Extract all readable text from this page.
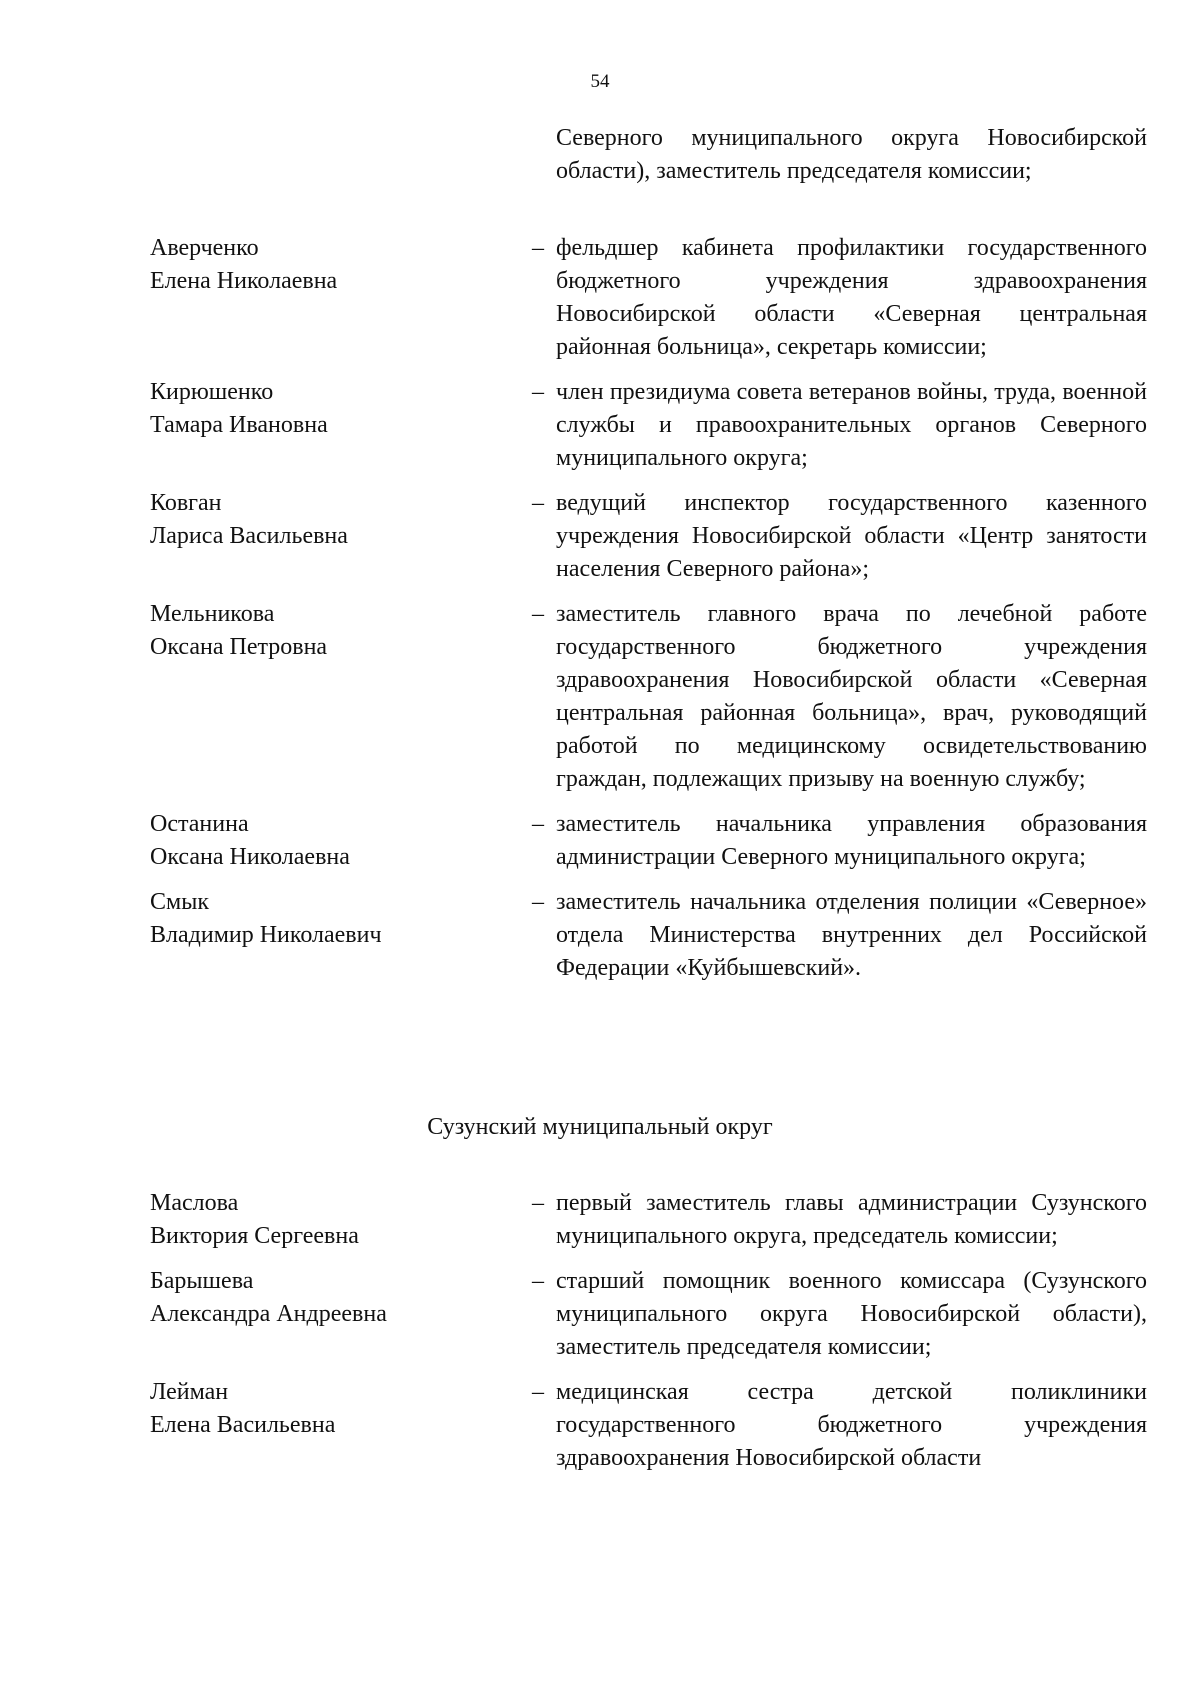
54
Северного муниципального округа Новосибирской области), заместитель председателя комиссии;
Аверченко
Елена Николаевна
– фельдшер кабинета профилактики государственного бюджетного учреждения здравоохранения Новосибирской области «Северная центральная районная больница», секретарь комиссии;
Кирюшенко
Тамара Ивановна
– член президиума совета ветеранов войны, труда, военной службы и правоохранительных органов Северного муниципального округа;
Ковган
Лариса Васильевна
– ведущий инспектор государственного казенного учреждения Новосибирской области «Центр занятости населения Северного района»;
Мельникова
Оксана Петровна
– заместитель главного врача по лечебной работе государственного бюджетного учреждения здравоохранения Новосибирской области «Северная центральная районная больница», врач, руководящий работой по медицинскому освидетельствованию граждан, подлежащих призыву на военную службу;
Останина
Оксана Николаевна
– заместитель начальника управления образования администрации Северного муниципального округа;
Смык
Владимир Николаевич
– заместитель начальника отделения полиции «Северное» отдела Министерства внутренних дел Российской Федерации «Куйбышевский».
Сузунский муниципальный округ
Маслова
Виктория Сергеевна
– первый заместитель главы администрации Сузунского муниципального округа, председатель комиссии;
Барышева
Александра Андреевна
– старший помощник военного комиссара (Сузунского муниципального округа Новосибирской области), заместитель председателя комиссии;
Лейман
Елена Васильевна
– медицинская сестра детской поликлиники государственного бюджетного учреждения здравоохранения Новосибирской области
